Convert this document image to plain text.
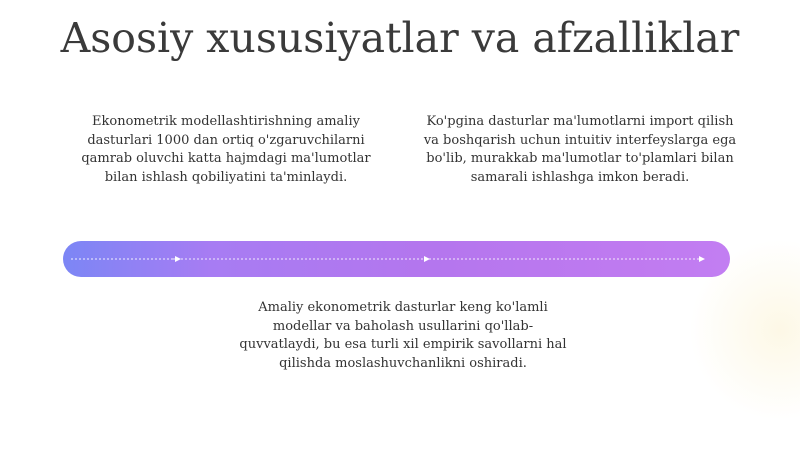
Asosiy xususiyatlar va afzalliklar
Ekonometrik modellashtirishning amaliy dasturlari 1000 dan ortiq o'zgaruvchilarni qamrab oluvchi katta hajmdagi ma'lumotlar bilan ishlash qobiliyatini ta'minlaydi.
Ko'pgina dasturlar ma'lumotlarni import qilish va boshqarish uchun intuitiv interfeyslarga ega bo'lib, murakkab ma'lumotlar to'plamlari bilan samarali ishlashga imkon beradi.
Amaliy ekonometrik dasturlar keng ko'lamli modellar va baholash usullarini qo'llab-quvvatlaydi, bu esa turli xil empirik savollarni hal qilishda moslashuvchanlikni oshiradi.
